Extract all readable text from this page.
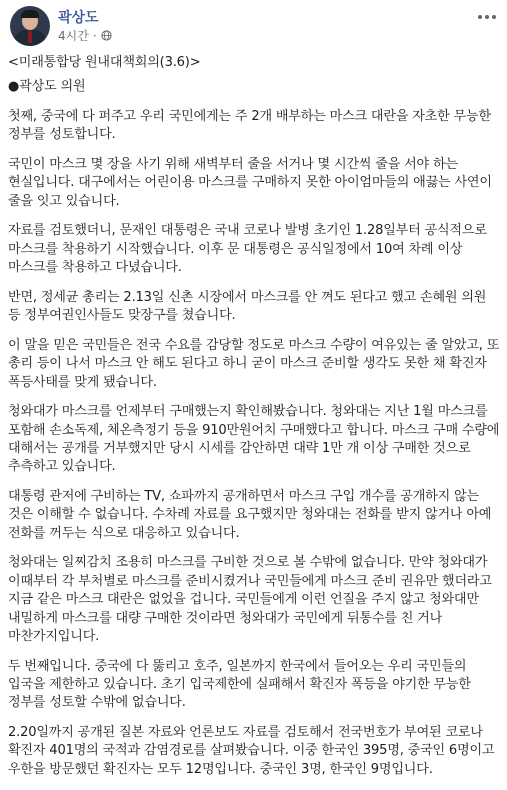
곽상도
4시간 ·

<미래통합당 원내대책회의(3.6)>

●곽상도 의원

첫째, 중국에 다 퍼주고 우리 국민에게는 주 2개 배부하는 마스크 대란을 자초한 무능한 정부를 성토합니다.

국민이 마스크 몇 장을 사기 위해 새벽부터 줄을 서거나 몇 시간씩 줄을 서야 하는 현실입니다. 대구에서는 어린이용 마스크를 구매하지 못한 아이엄마들의 애끓는 사연이 줄을 잇고 있습니다.

자료를 검토했더니, 문재인 대통령은 국내 코로나 발병 초기인 1.28일부터 공식적으로 마스크를 착용하기 시작했습니다. 이후 문 대통령은 공식일정에서 10여 차례 이상 마스크를 착용하고 다녔습니다.

반면, 정세균 총리는 2.13일 신촌 시장에서 마스크를 안 껴도 된다고 했고 손혜원 의원 등 정부여권인사들도 맞장구를 쳤습니다.

이 말을 믿은 국민들은 전국 수요를 감당할 정도로 마스크 수량이 여유있는 줄 알았고, 또 총리 등이 나서 마스크 안 해도 된다고 하니 굳이 마스크 준비할 생각도 못한 채 확진자 폭등사태를 맞게 됐습니다.

청와대가 마스크를 언제부터 구매했는지 확인해봤습니다. 청와대는 지난 1월 마스크를 포함해 손소독제, 체온측정기 등을 910만원어치 구매했다고 합니다. 마스크 구매 수량에 대해서는 공개를 거부했지만 당시 시세를 감안하면 대략 1만 개 이상 구매한 것으로 추측하고 있습니다.

대통령 관저에 구비하는 TV, 쇼파까지 공개하면서 마스크 구입 개수를 공개하지 않는 것은 이해할 수 없습니다. 수차례 자료를 요구했지만 청와대는 전화를 받지 않거나 아예 전화를 꺼두는 식으로 대응하고 있습니다.

청와대는 일찌감치 조용히 마스크를 구비한 것으로 볼 수밖에 없습니다. 만약 청와대가 이때부터 각 부처별로 마스크를 준비시켰거나 국민들에게 마스크 준비 권유만 했더라고 지금 같은 마스크 대란은 없었을 겁니다. 국민들에게 이런 언질을 주지 않고 청와대만 내밀하게 마스크를 대량 구매한 것이라면 청와대가 국민에게 뒤통수를 친 거나 마찬가지입니다.

두 번째입니다. 중국에 다 뚫리고 호주, 일본까지 한국에서 들어오는 우리 국민들의 입국을 제한하고 있습니다. 초기 입국제한에 실패해서 확진자 폭등을 야기한 무능한 정부를 성토할 수밖에 없습니다.

2.20일까지 공개된 질본 자료와 언론보도 자료를 검토해서 전국번호가 부여된 코로나 확진자 401명의 국적과 감염경로를 살펴봤습니다. 이중 한국인 395명, 중국인 6명이고 우한을 방문했던 확진자는 모두 12명입니다. 중국인 3명, 한국인 9명입니다.
